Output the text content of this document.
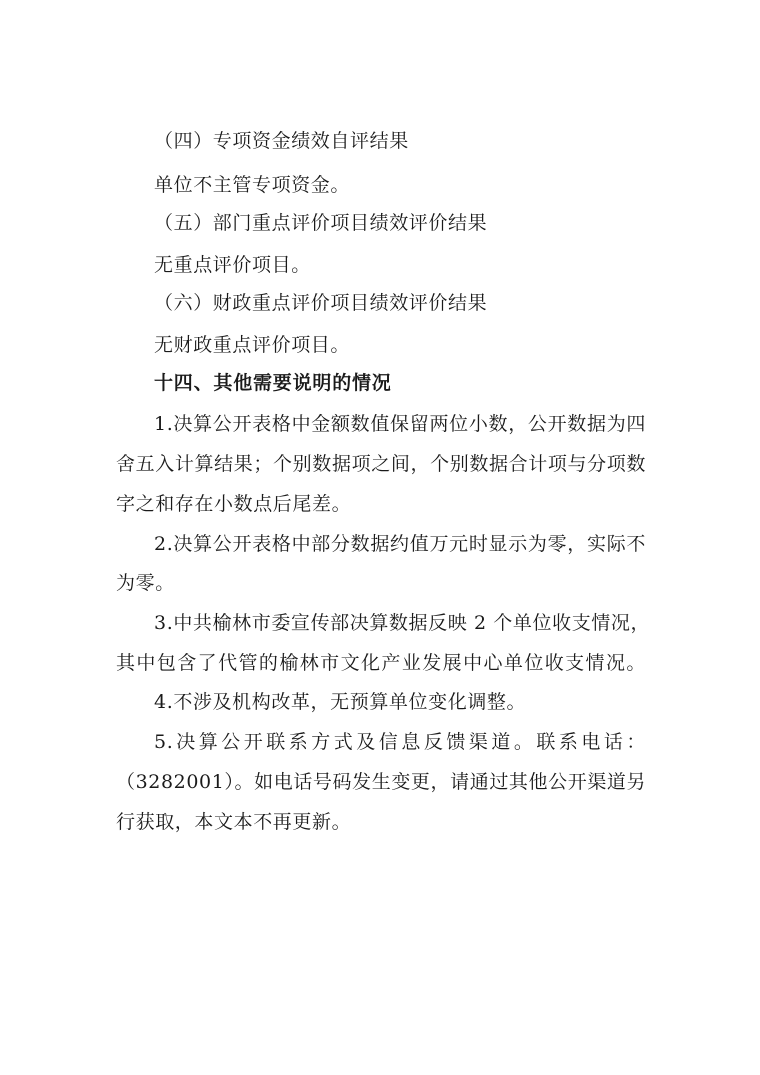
（四）专项资金绩效自评结果
单位不主管专项资金。
（五）部门重点评价项目绩效评价结果
无重点评价项目。
（六）财政重点评价项目绩效评价结果
无财政重点评价项目。
十四、其他需要说明的情况
1.决算公开表格中金额数值保留两位小数，公开数据为四
舍五入计算结果；个别数据项之间，个别数据合计项与分项数
字之和存在小数点后尾差。
2.决算公开表格中部分数据约值万元时显示为零，实际不
为零。
3.中共榆林市委宣传部决算数据反映 2 个单位收支情况，
其中包含了代管的榆林市文化产业发展中心单位收支情况。
4.不涉及机构改革，无预算单位变化调整。
5.决算公开联系方式及信息反馈渠道。联系电话：
（3282001）。如电话号码发生变更，请通过其他公开渠道另
行获取，本文本不再更新。
